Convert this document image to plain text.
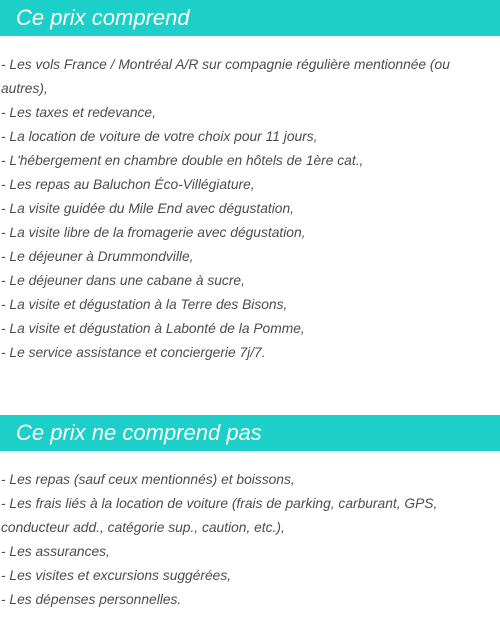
Ce prix comprend
- Les vols France / Montréal A/R sur compagnie régulière mentionnée (ou autres),
- Les taxes et redevance,
- La location de voiture de votre choix pour 11 jours,
- L'hébergement en chambre double en hôtels de 1ère cat.,
- Les repas au Baluchon Éco-Villégiature,
- La visite guidée du Mile End avec dégustation,
- La visite libre de la fromagerie avec dégustation,
- Le déjeuner à Drummondville,
- Le déjeuner dans une cabane à sucre,
- La visite et dégustation à la Terre des Bisons,
- La visite et dégustation à Labonté de la Pomme,
- Le service assistance et conciergerie 7j/7.
Ce prix ne comprend pas
- Les repas (sauf ceux mentionnés) et boissons,
- Les frais liés à la location de voiture (frais de parking, carburant, GPS, conducteur add., catégorie sup., caution, etc.),
- Les assurances,
- Les visites et excursions suggérées,
- Les dépenses personnelles.
